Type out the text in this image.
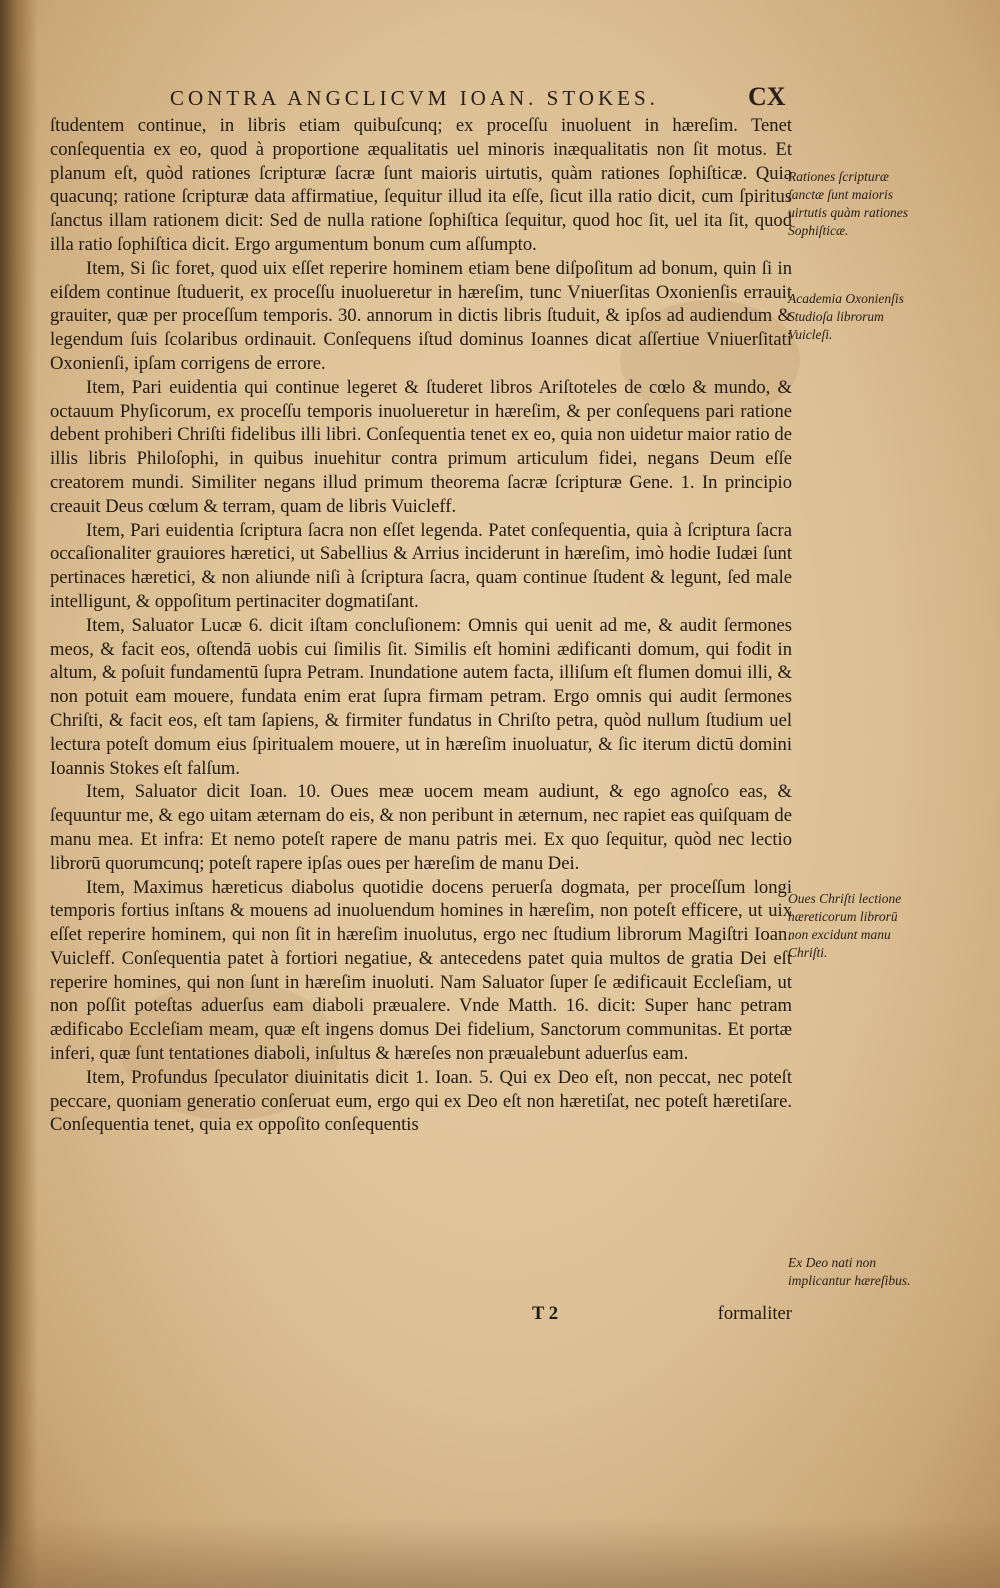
CONTRA ANGCLICVM IOAN. STOKES.	CX

ſtudentem continue, in libris etiam quibuſcunq; ex proceſſu inuoluent in hæreſim. Tenet conſequentia ex eo, quod à proportione æqualitatis uel minoris inæqualitatis non ſit motus. Et planum eſt, quòd rationes ſcripturæ ſacræ ſunt maioris uirtutis, quàm rationes ſophiſticæ. Quia quacunq; ratione ſcripturæ data affirmatiue, ſequitur illud ita eſſe, ſicut illa ratio dicit, cum ſpiritus ſanctus illam rationem dicit: Sed de nulla ratione ſophiſtica ſequitur, quod hoc ſit, uel ita ſit, quod illa ratio ſophiſtica dicit. Ergo argumentum bonum cum aſſumpto.

Item, Si ſic foret, quod uix eſſet reperire hominem etiam bene diſpoſitum ad bonum, quin ſi in eiſdem continue ſtuduerit, ex proceſſu inuolueretur in hæreſim, tunc Vniuerſitas Oxonienſis errauit grauiter, quæ per proceſſum temporis. 30. annorum in dictis libris ſtuduit, & ipſos ad audiendum & legendum ſuis ſcolaribus ordinauit. Conſequens iſtud dominus Ioannes dicat aſſertiue Vniuerſitati Oxonienſi, ipſam corrigens de errore.

Item, Pari euidentia qui continue legeret & ſtuderet libros Ariſtoteles de cœlo & mundo, & octauum Phyſicorum, ex proceſſu temporis inuolueretur in hæreſim, & per conſequens pari ratione debent prohiberi Chriſti fidelibus illi libri. Conſequentia tenet ex eo, quia non uidetur maior ratio de illis libris Philoſophi, in quibus inuehitur contra primum articulum fidei, negans Deum eſſe creatorem mundi. Similiter negans illud primum theorema ſacræ ſcripturæ Gene. 1. In principio creauit Deus cœlum & terram, quam de libris Vuicleff.

Item, Pari euidentia ſcriptura ſacra non eſſet legenda. Patet conſequentia, quia à ſcriptura ſacra occaſionaliter grauiores hæretici, ut Sabellius & Arrius inciderunt in hæreſim, imò hodie Iudæi ſunt pertinaces hæretici, & non aliunde niſi à ſcriptura ſacra, quam continue ſtudent & legunt, ſed male intelligunt, & oppoſitum pertinaciter dogmatiſant.

Item, Saluator Lucæ 6. dicit iſtam concluſionem: Omnis qui uenit ad me, & audit ſermones meos, & facit eos, oſtendā uobis cui ſimilis ſit. Similis eſt homini ædificanti domum, qui fodit in altum, & poſuit fundamentū ſupra Petram. Inundatione autem facta, illiſum eſt flumen domui illi, & non potuit eam mouere, fundata enim erat ſupra firmam petram. Ergo omnis qui audit ſermones Chriſti, & facit eos, eſt tam ſapiens, & firmiter fundatus in Chriſto petra, quòd nullum ſtudium uel lectura poteſt domum eius ſpiritualem mouere, ut in hæreſim inuoluatur, & ſic iterum dictū domini Ioannis Stokes eſt falſum.

Item, Saluator dicit Ioan. 10. Oues meæ uocem meam audiunt, & ego agnoſco eas, & ſequuntur me, & ego uitam æternam do eis, & non peribunt in æternum, nec rapiet eas quiſquam de manu mea. Et infra: Et nemo poteſt rapere de manu patris mei. Ex quo ſequitur, quòd nec lectio librorū quorumcunq; poteſt rapere ipſas oues per hæreſim de manu Dei.

Item, Maximus hæreticus diabolus quotidie docens peruerſa dogmata, per proceſſum longi temporis fortius inſtans & mouens ad inuoluendum homines in hæreſim, non poteſt efficere, ut uix eſſet reperire hominem, qui non ſit in hæreſim inuolutus, ergo nec ſtudium librorum Magiſtri Ioan. Vuicleff. Conſequentia patet à fortiori negatiue, & antecedens patet quia multos de gratia Dei eſt reperire homines, qui non ſunt in hæreſim inuoluti. Nam Saluator ſuper ſe ædificauit Eccleſiam, ut non poſſit poteſtas aduerſus eam diaboli præualere. Vnde Matth. 16. dicit: Super hanc petram ædificabo Eccleſiam meam, quæ eſt ingens domus Dei fidelium, Sanctorum communitas. Et portæ inferi, quæ ſunt tentationes diaboli, inſultus & hæreſes non præualebunt aduerſus eam.

Item, Profundus ſpeculator diuinitatis dicit 1. Ioan. 5. Qui ex Deo eſt, non peccat, nec poteſt peccare, quoniam generatio conſeruat eum, ergo qui ex Deo eſt non hæretiſat, nec poteſt hæretiſare. Conſequentia tenet, quia ex oppoſito conſequentis

Rationes ſcripturæ ſanctæ ſunt maioris uirtutis quàm rationes Sophiſticæ.
Academia Oxonienſis Studioſa librorum Vuicleſi.
Oues Chriſti lectione hæreticorum librorū non excidunt manu Chriſti.
Ex Deo nati non implicantur hæreſibus.
T 2	formaliter
